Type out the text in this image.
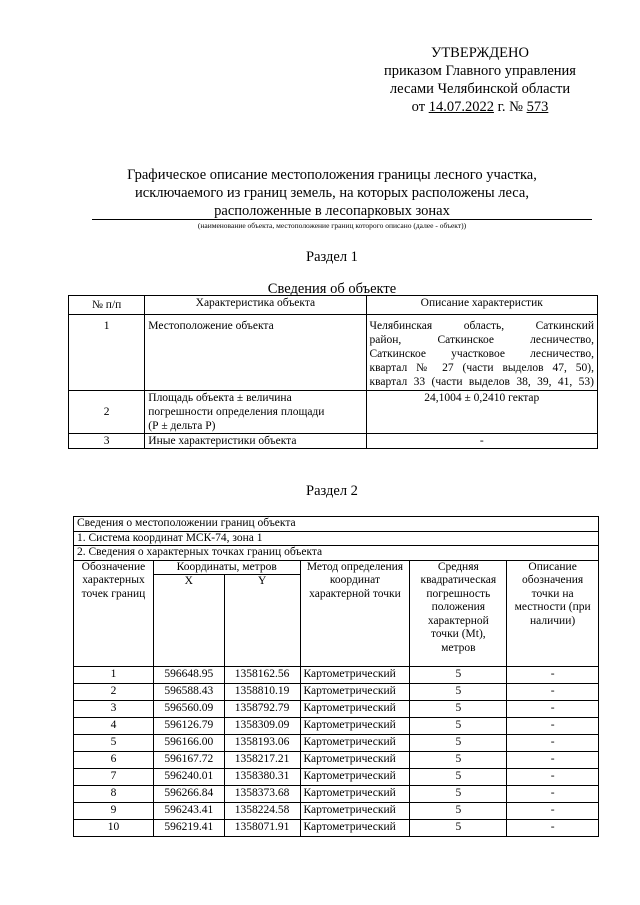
УТВЕРЖДЕНО
приказом Главного управления
лесами Челябинской области
от 14.07.2022 г. № 573
Графическое описание местоположения границы лесного участка,
исключаемого из границ земель, на которых расположены леса,
расположенные в лесопарковых зонах
(наименование объекта, местоположение границ которого описано (далее - объект))
Раздел 1
Сведения об объекте
№ п/п	Характеристика объекта	Описание характеристик
1	Местоположение объекта	Челябинская область, Саткинский
район, Саткинское лесничество,
Саткинское участковое лесничество,
квартал № 27 (части выделов 47, 50),
квартал 33 (части выделов 38, 39, 41, 53)

2	Площадь объекта ± величина
погрешности определения площади
(Р ± дельта Р)	24,1004 ± 0,2410 гектар
3	Иные характеристики объекта	-
Раздел 2
Сведения о местоположении границ объекта					
1. Система координат МСК-74, зона 1					
2. Сведения о характерных точках границ объекта					
Обозначение характерных точек границ	Координаты, метров		Метод определения координат характерной точки	Средняя квадратическая погрешность положения характерной точки (Mt), метров	Описание обозначения точки на местности (при наличии)
	X	Y			
1	596648.95	1358162.56	Картометрический	5	-
2	596588.43	1358810.19	Картометрический	5	-
3	596560.09	1358792.79	Картометрический	5	-
4	596126.79	1358309.09	Картометрический	5	-
5	596166.00	1358193.06	Картометрический	5	-
6	596167.72	1358217.21	Картометрический	5	-
7	596240.01	1358380.31	Картометрический	5	-
8	596266.84	1358373.68	Картометрический	5	-
9	596243.41	1358224.58	Картометрический	5	-
10	596219.41	1358071.91	Картометрический	5	-
